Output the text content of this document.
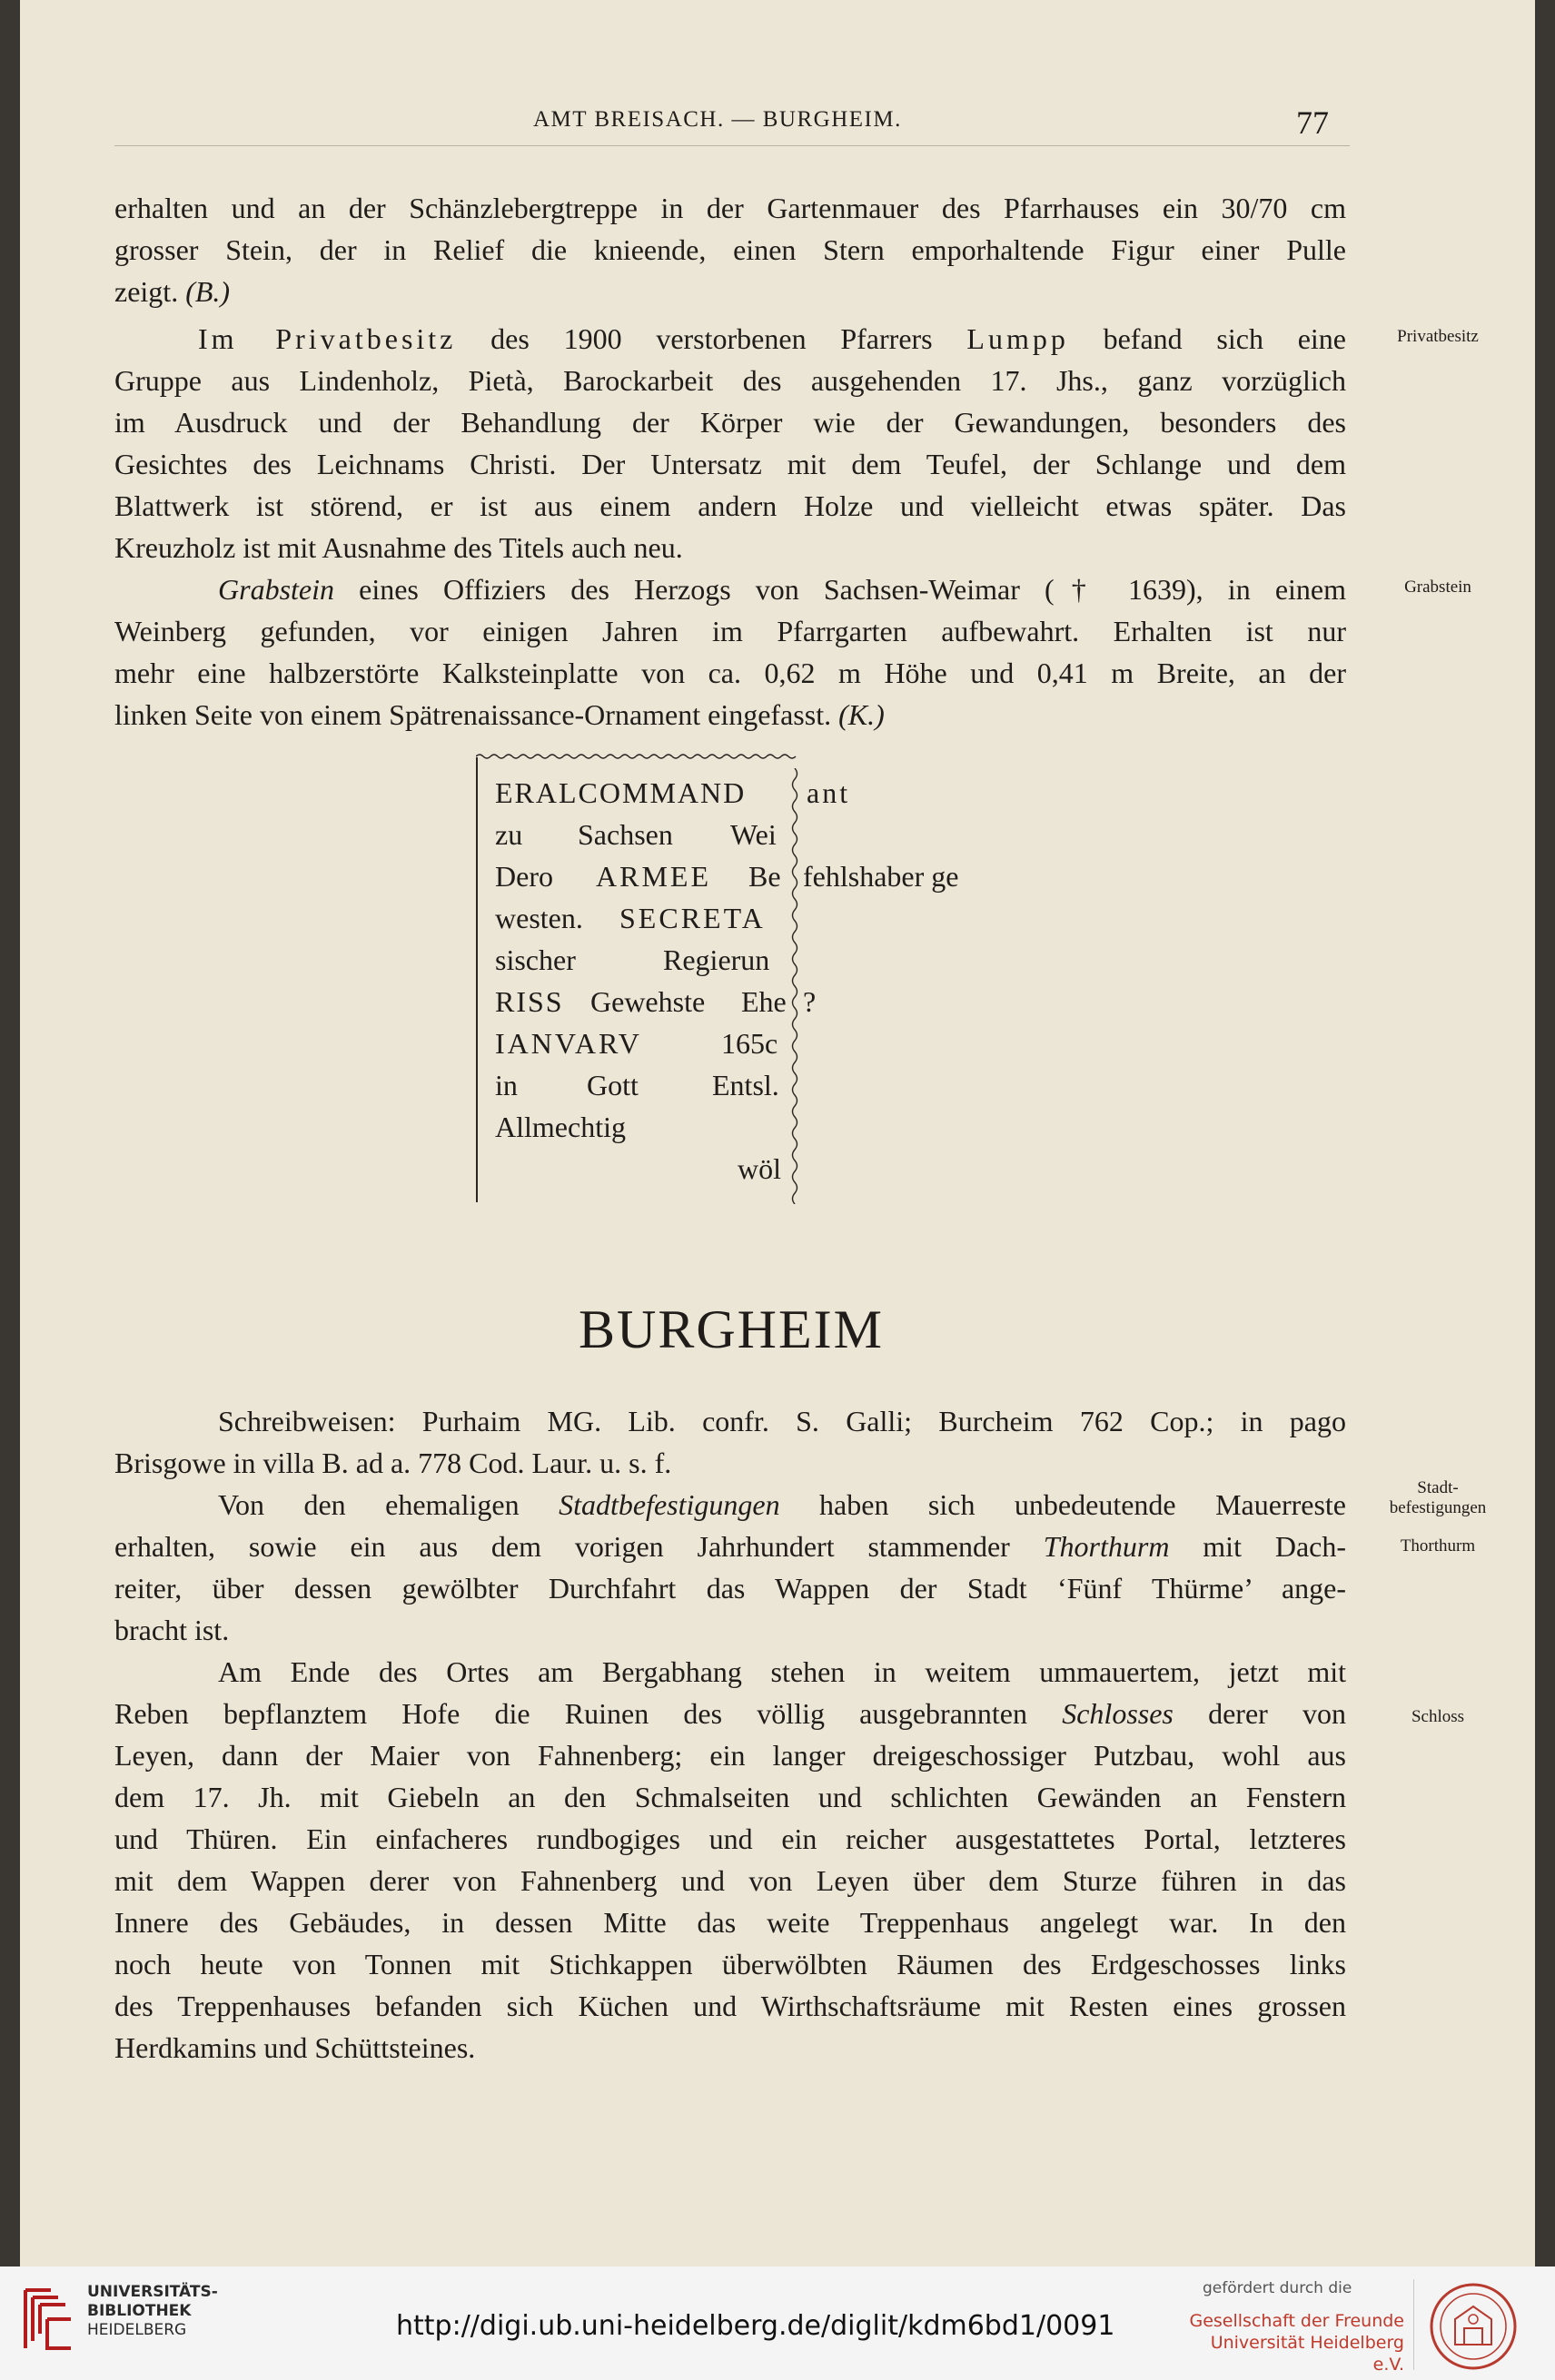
AMT BREISACH. — BURGHEIM.	77
erhalten und an der Schänzlebergtreppe in der Gartenmauer des Pfarrhauses ein 30/70 cm
grosser Stein, der in Relief die knieende, einen Stern emporhaltende Figur einer Pulle
zeigt. (B.)
Im Privatbesitz des 1900 verstorbenen Pfarrers Lumpp befand sich eine
Gruppe aus Lindenholz, Pietà, Barockarbeit des ausgehenden 17. Jhs., ganz vorzüglich
im Ausdruck und der Behandlung der Körper wie der Gewandungen, besonders des
Gesichtes des Leichnams Christi. Der Untersatz mit dem Teufel, der Schlange und dem
Blattwerk ist störend, er ist aus einem andern Holze und vielleicht etwas später. Das
Kreuzholz ist mit Ausnahme des Titels auch neu.
Grabstein eines Offiziers des Herzogs von Sachsen-Weimar († 1639), in einem
Weinberg gefunden, vor einigen Jahren im Pfarrgarten aufbewahrt. Erhalten ist nur
mehr eine halbzerstörte Kalksteinplatte von ca. 0,62 m Höhe und 0,41 m Breite, an der
linken Seite von einem Spätrenaissance-Ornament eingefasst. (K.)
Privatbesitz
Grabstein
ERALCOMMAND ant
zu Sachsen Wei
Dero ARMEE Be fehlshaber ge
westen. SECRETA
sischer	Regierun
RISS Gewehste Ehe ?
IANVARV	165c
in Gott	Entsl.
Allmechtig
wöl
BURGHEIM
Schreibweisen: Purhaim MG. Lib. confr. S. Galli; Burcheim 762 Cop.; in pago
Brisgowe in villa B. ad a. 778 Cod. Laur. u. s. f.
Von den ehemaligen Stadtbefestigungen haben sich unbedeutende Mauerreste
erhalten, sowie ein aus dem vorigen Jahrhundert stammender Thorthurm mit Dach-
reiter, über dessen gewölbter Durchfahrt das Wappen der Stadt ‘Fünf Thürme’ ange-
bracht ist.
Stadt-
befestigungen
Thorthurm
Am Ende des Ortes am Bergabhang stehen in weitem ummauertem, jetzt mit
Reben bepflanztem Hofe die Ruinen des völlig ausgebrannten Schlosses derer von
Leyen, dann der Maier von Fahnenberg; ein langer dreigeschossiger Putzbau, wohl aus
dem 17. Jh. mit Giebeln an den Schmalseiten und schlichten Gewänden an Fenstern
und Thüren. Ein einfacheres rundbogiges und ein reicher ausgestattetes Portal, letzteres
mit dem Wappen derer von Fahnenberg und von Leyen über dem Sturze führen in das
Innere des Gebäudes, in dessen Mitte das weite Treppenhaus angelegt war. In den
noch heute von Tonnen mit Stichkappen überwölbten Räumen des Erdgeschosses links
des Treppenhauses befanden sich Küchen und Wirthschaftsräume mit Resten eines grossen
Herdkamins und Schüttsteines.
Schloss
UNIVERSITÄTS-
BIBLIOTHEK
HEIDELBERG	http://digi.ub.uni-heidelberg.de/diglit/kdm6bd1/0091
gefördert durch die
Gesellschaft der Freunde
Universität Heidelberg e.V.
